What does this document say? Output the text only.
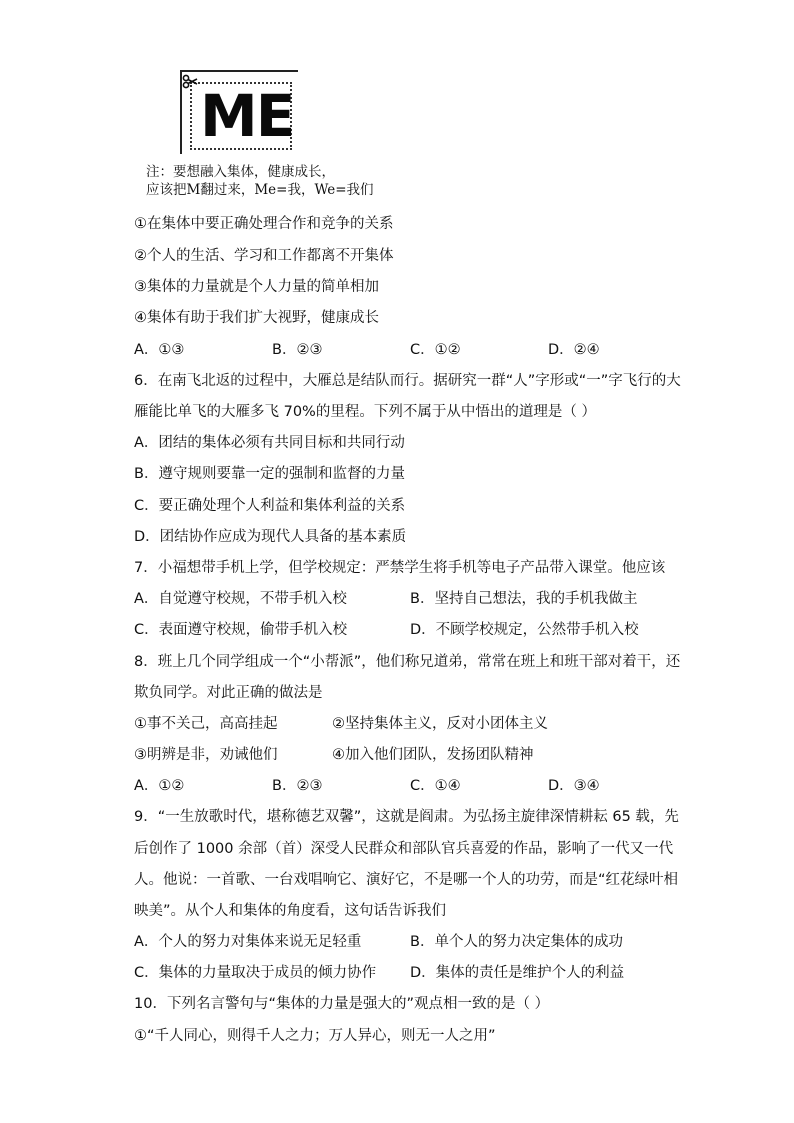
ME
注：要想融入集体，健康成长，
应该把M翻过来，Me=我，We=我们
①在集体中要正确处理合作和竞争的关系
②个人的生活、学习和工作都离不开集体
③集体的力量就是个人力量的简单相加
④集体有助于我们扩大视野，健康成长
A．①③	B．②③	C．①②	D．②④
6．在南飞北返的过程中，大雁总是结队而行。据研究一群“人”字形或“一”字飞行的大
雁能比单飞的大雁多飞 70%的里程。下列不属于从中悟出的道理是（ ）
A．团结的集体必须有共同目标和共同行动
B．遵守规则要靠一定的强制和监督的力量
C．要正确处理个人利益和集体利益的关系
D．团结协作应成为现代人具备的基本素质
7．小福想带手机上学，但学校规定：严禁学生将手机等电子产品带入课堂。他应该
A．自觉遵守校规，不带手机入校	B．坚持自己想法，我的手机我做主
C．表面遵守校规，偷带手机入校	D．不顾学校规定，公然带手机入校
8．班上几个同学组成一个“小帮派”，他们称兄道弟，常常在班上和班干部对着干，还
欺负同学。对此正确的做法是
①事不关己，高高挂起	②坚持集体主义，反对小团体主义
③明辨是非，劝诫他们	④加入他们团队，发扬团队精神
A．①②	B．②③	C．①④	D．③④
9．“一生放歌时代，堪称德艺双馨”，这就是阎肃。为弘扬主旋律深情耕耘 65 载，先
后创作了 1000 余部（首）深受人民群众和部队官兵喜爱的作品，影响了一代又一代
人。他说：一首歌、一台戏唱响它、演好它，不是哪一个人的功劳，而是“红花绿叶相
映美”。从个人和集体的角度看，这句话告诉我们
A．个人的努力对集体来说无足轻重	B．单个人的努力决定集体的成功
C．集体的力量取决于成员的倾力协作 D．集体的责任是维护个人的利益
10．下列名言警句与“集体的力量是强大的”观点相一致的是（ ）
①“千人同心，则得千人之力；万人异心，则无一人之用”
